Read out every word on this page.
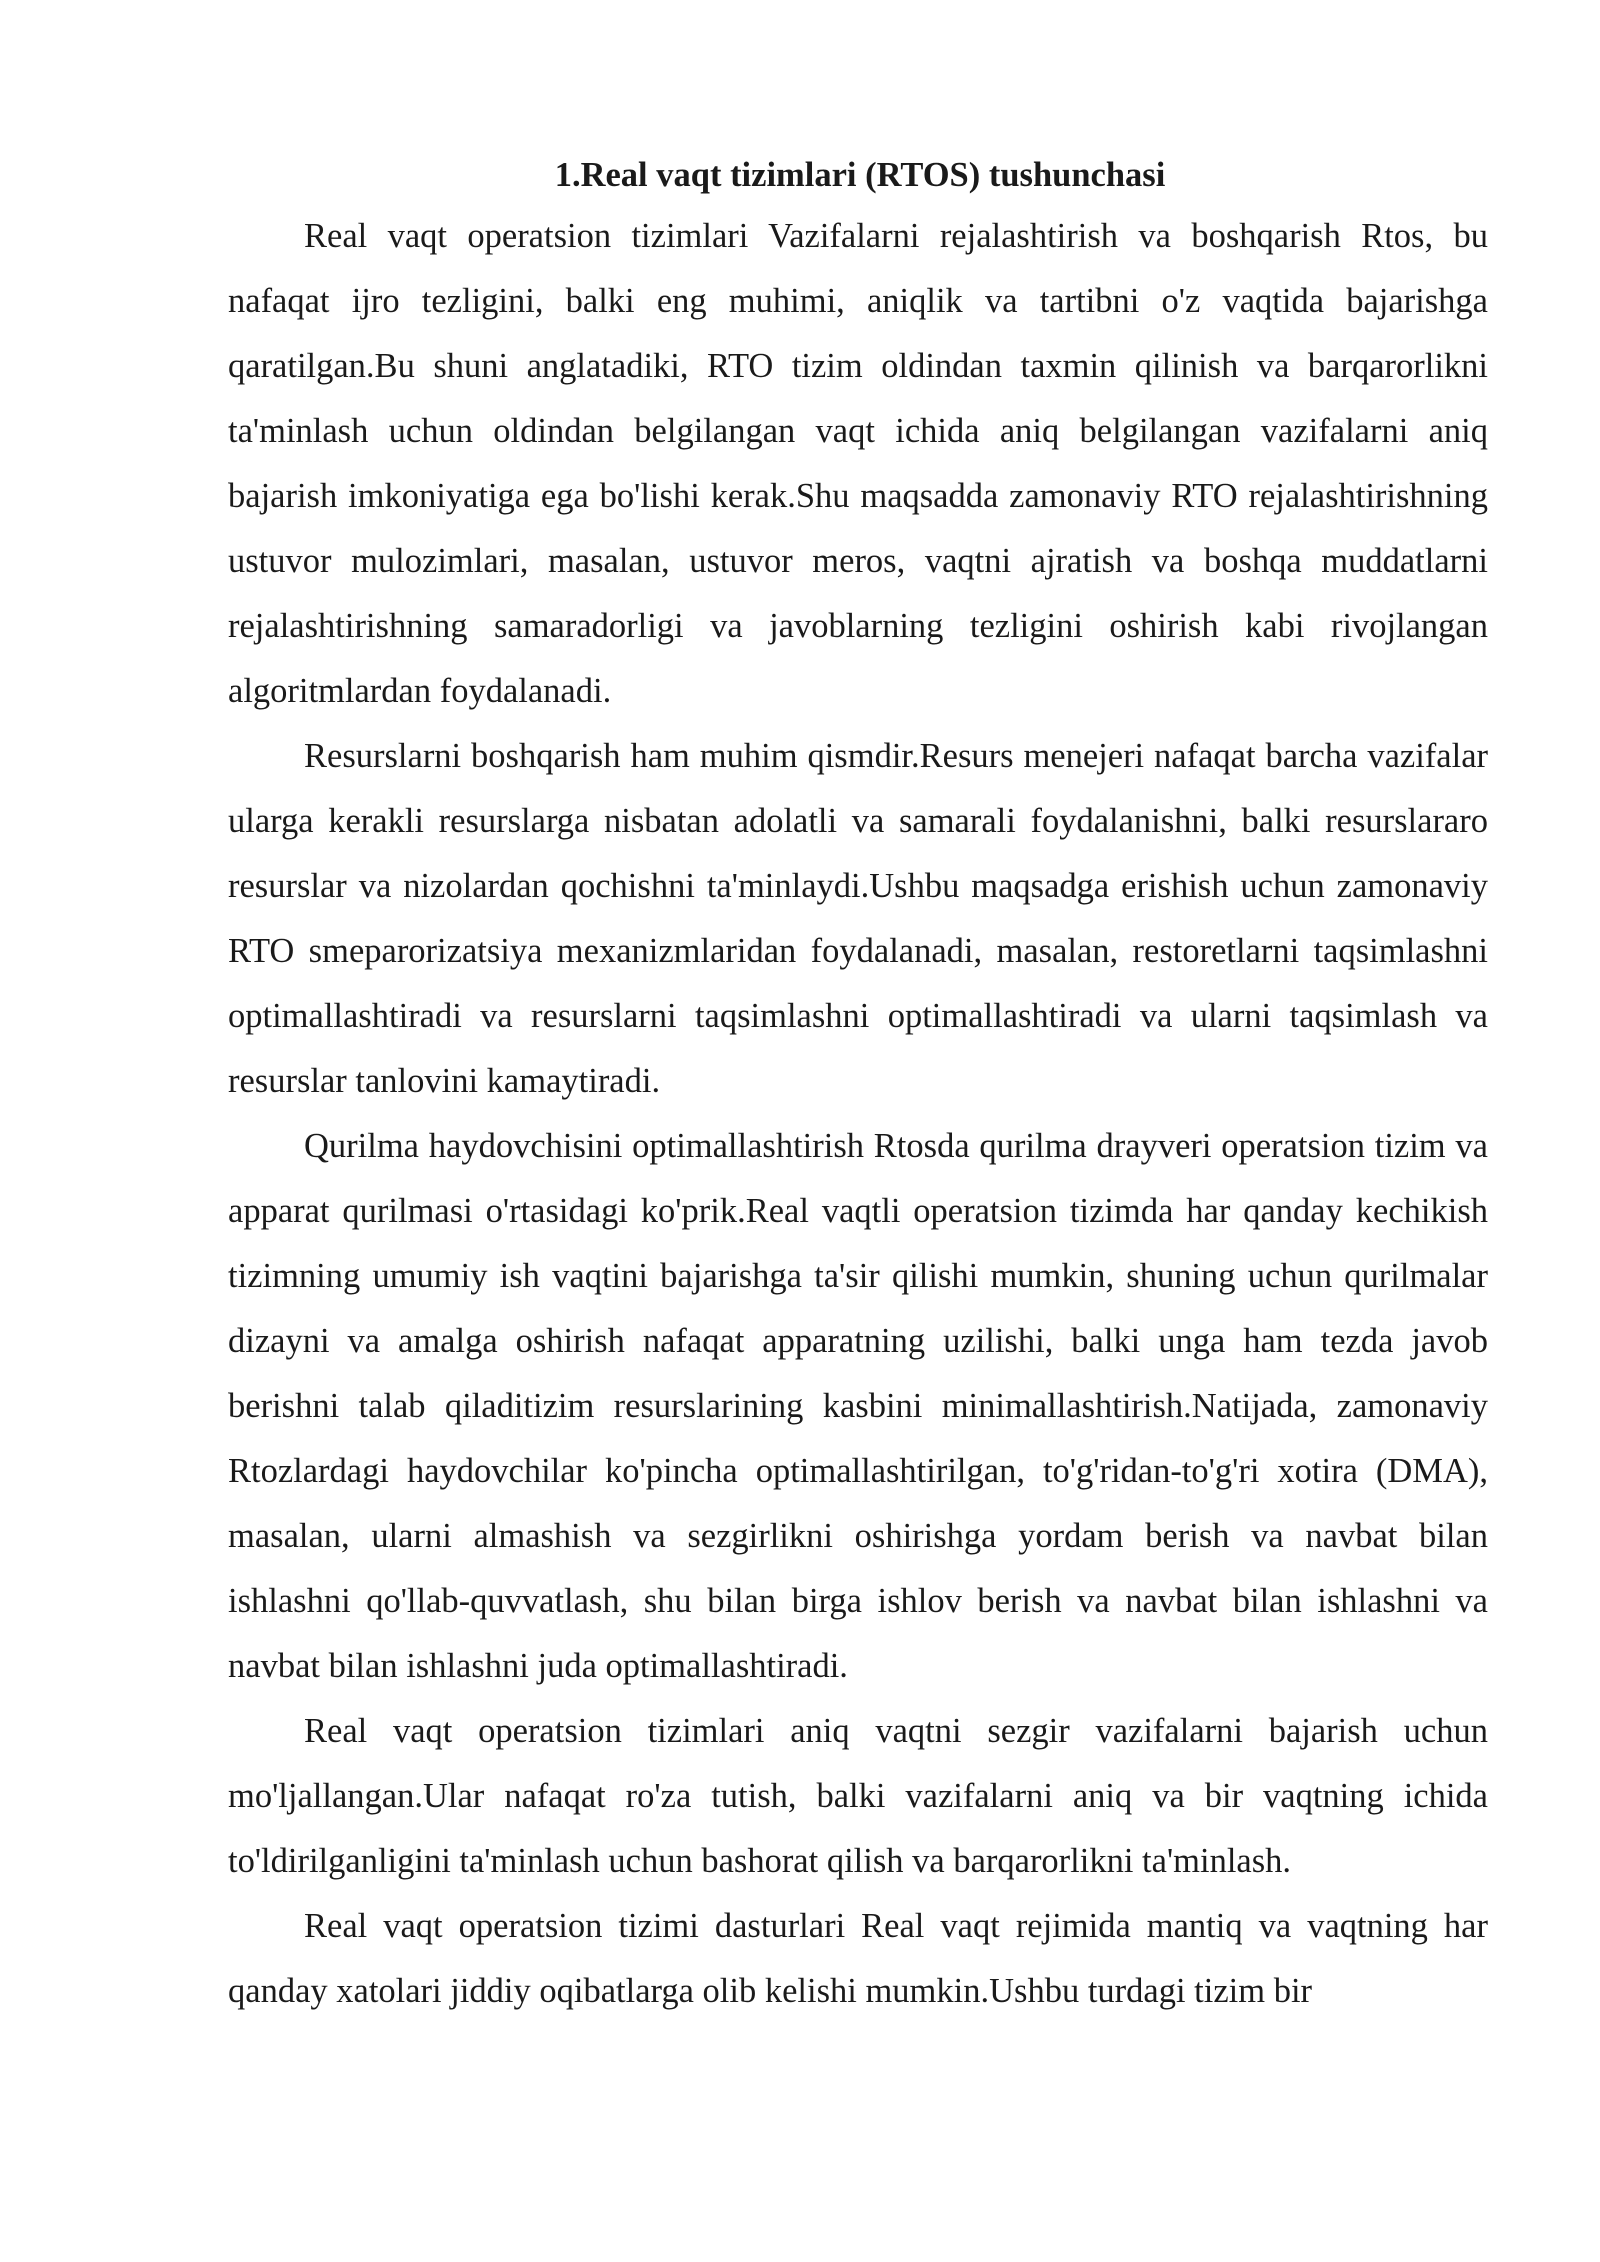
1.Real vaqt tizimlari (RTOS) tushunchasi

Real vaqt operatsion tizimlari Vazifalarni rejalashtirish va boshqarish Rtos, bu nafaqat ijro tezligini, balki eng muhimi, aniqlik va tartibni o'z vaqtida bajarishga qaratilgan.Bu shuni anglatadiki, RTO tizim oldindan taxmin qilinish va barqarorlikni ta'minlash uchun oldindan belgilangan vaqt ichida aniq belgilangan vazifalarni aniq bajarish imkoniyatiga ega bo'lishi kerak.Shu maqsadda zamonaviy RTO rejalashtirishning ustuvor mulozimlari, masalan, ustuvor meros, vaqtni ajratish va boshqa muddatlarni rejalashtirishning samaradorligi va javoblarning tezligini oshirish kabi rivojlangan algoritmlardan foydalanadi.

Resurslarni boshqarish ham muhim qismdir.Resurs menejeri nafaqat barcha vazifalar ularga kerakli resurslarga nisbatan adolatli va samarali foydalanishni, balki resurslararo resurslar va nizolardan qochishni ta'minlaydi.Ushbu maqsadga erishish uchun zamonaviy RTO smeparorizatsiya mexanizmlaridan foydalanadi, masalan, restoretlarni taqsimlashni optimallashtiradi va resurslarni taqsimlashni optimallashtiradi va ularni taqsimlash va resurslar tanlovini kamaytiradi.

Qurilma haydovchisini optimallashtirish Rtosda qurilma drayveri operatsion tizim va apparat qurilmasi o'rtasidagi ko'prik.Real vaqtli operatsion tizimda har qanday kechikish tizimning umumiy ish vaqtini bajarishga ta'sir qilishi mumkin, shuning uchun qurilmalar dizayni va amalga oshirish nafaqat apparatning uzilishi, balki unga ham tezda javob berishni talab qiladitizim resurslarining kasbini minimallashtirish.Natijada, zamonaviy Rtozlardagi haydovchilar ko'pincha optimallashtirilgan, to'g'ridan-to'g'ri xotira (DMA), masalan, ularni almashish va sezgirlikni oshirishga yordam berish va navbat bilan ishlashni qo'llab-quvvatlash, shu bilan birga ishlov berish va navbat bilan ishlashni va navbat bilan ishlashni juda optimallashtiradi.

Real vaqt operatsion tizimlari aniq vaqtni sezgir vazifalarni bajarish uchun mo'ljallangan.Ular nafaqat ro'za tutish, balki vazifalarni aniq va bir vaqtning ichida to'ldirilganligini ta'minlash uchun bashorat qilish va barqarorlikni ta'minlash.

Real vaqt operatsion tizimi dasturlari Real vaqt rejimida mantiq va vaqtning har qanday xatolari jiddiy oqibatlarga olib kelishi mumkin.Ushbu turdagi tizim bir
